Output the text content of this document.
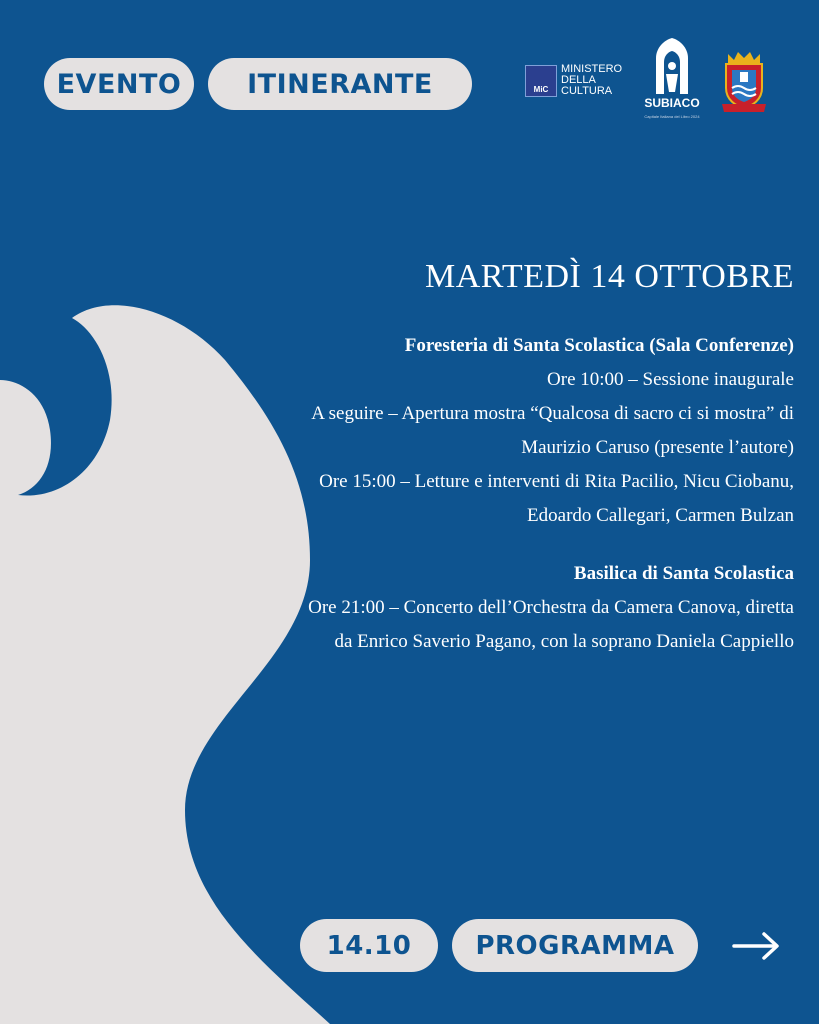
EVENTO	ITINERANTE	MiC
MINISTERO
DELLA
CULTURA
SUBIACO
Capitale Italiana del Libro 2024
MARTEDÌ 14 OTTOBRE
Foresteria di Santa Scolastica (Sala Conferenze)
Ore 10:00 – Sessione inaugurale
A seguire – Apertura mostra “Qualcosa di sacro ci si mostra” di
Maurizio Caruso (presente l’autore)
Ore 15:00 – Letture e interventi di Rita Pacilio, Nicu Ciobanu,
Edoardo Callegari, Carmen Bulzan
Basilica di Santa Scolastica
Ore 21:00 – Concerto dell’Orchestra da Camera Canova, diretta
da Enrico Saverio Pagano, con la soprano Daniela Cappiello
14.10	PROGRAMMA
